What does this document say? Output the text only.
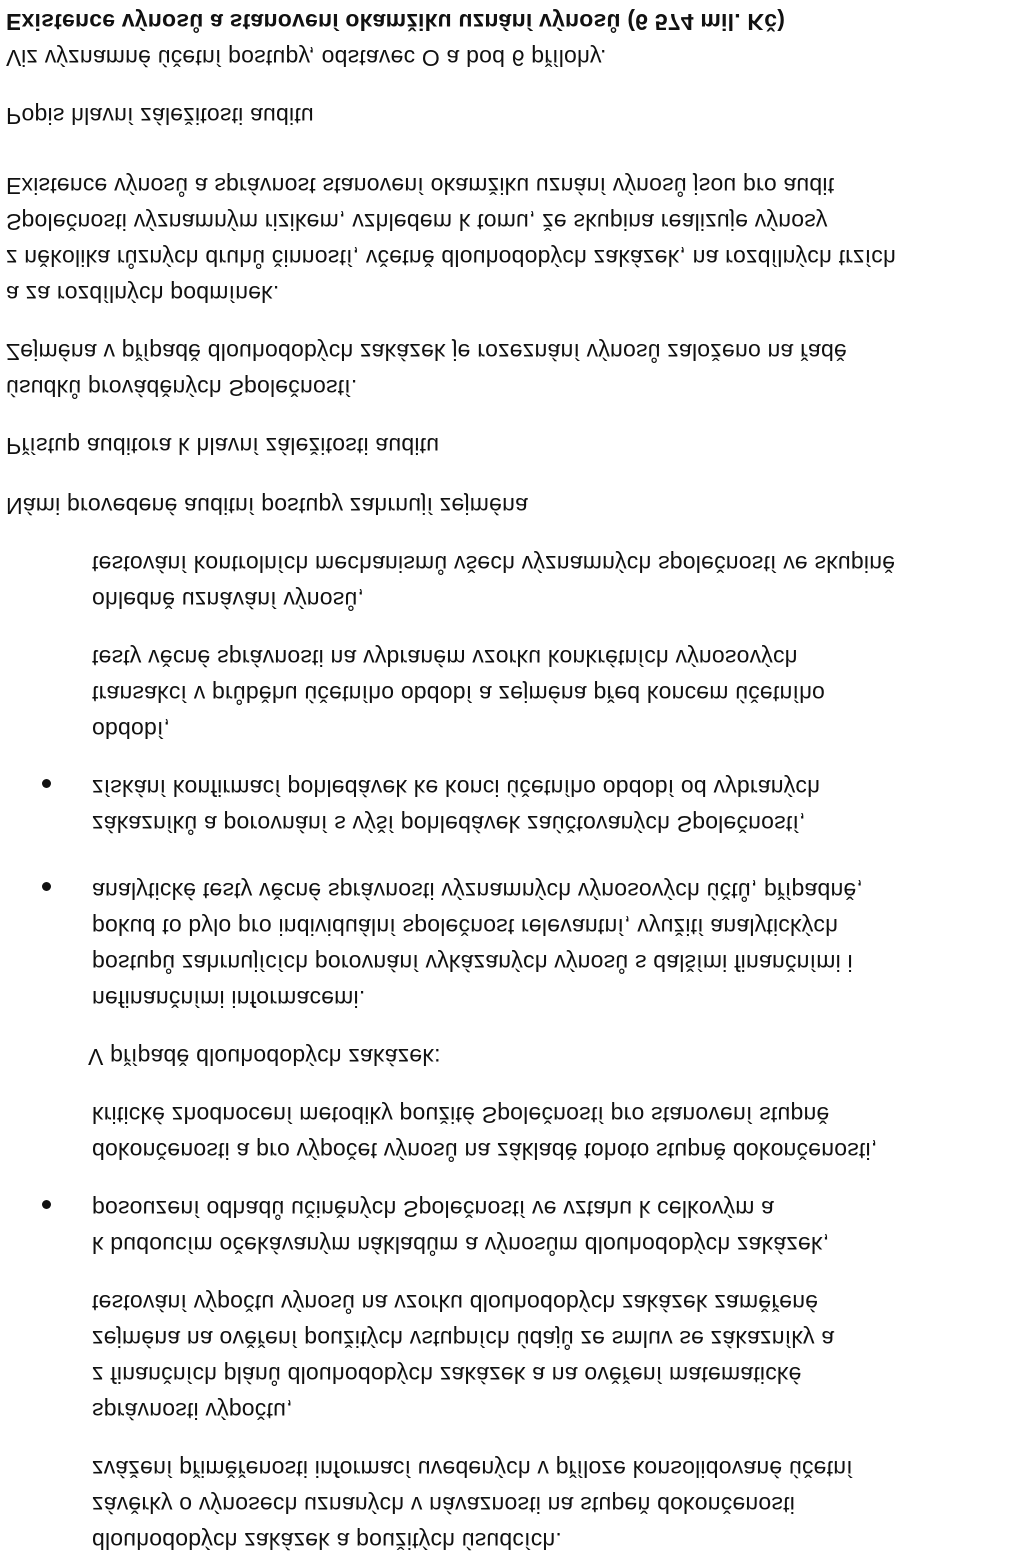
Existence výnosů a stanovení okamžiku uznání výnosů (6 574 mil. Kč)
Viz významné účetní postupy, odstavec O a bod 6 přílohy.
Popis hlavní záležitosti auditu
Existence výnosů a správnost stanovení okamžiku uznání výnosů jsou pro audit
Společnosti významným rizikem, vzhledem k tomu, že skupina realizuje výnosy
z několika různých druhů činností, včetně dlouhodobých zakázek, na rozdílných trzích
a za rozdílných podmínek.
Zejména v případě dlouhodobých zakázek je rozeznání výnosů založeno na řadě
úsudků prováděných Společností.
Přístup auditora k hlavní záležitosti auditu
Námi provedené auditní postupy zahrnují zejména
testování kontrolních mechanismů všech významných společností ve skupině
ohledně uznávání výnosů,
testy věcné správnosti na vybraném vzorku konkrétních výnosových
transakcí v průběhu účetního období a zejména před koncem účetního
období,
získání konfirmací pohledávek ke konci účetního období od vybraných
zákazníků a porovnání s výší pohledávek zaúčtovaných Společností,
analytické testy věcné správnosti významných výnosových účtů, případně,
pokud to bylo pro individuální společnost relevantní, využití analytických
postupů zahrnujících porovnání vykázaných výnosů s dalšími finančními i
nefinančními informacemi.
V případě dlouhodobých zakázek:
kritické zhodnocení metodiky použité Společností pro stanovení stupně
dokončenosti a pro výpočet výnosů na základě tohoto stupně dokončenosti,
posouzení odhadů učiněných Společností ve vztahu k celkovým a
k budoucím očekávaným nákladům a výnosům dlouhodobých zakázek,
testování výpočtu výnosů na vzorku dlouhodobých zakázek zaměřené
zejména na ověření použitých vstupních údajů ze smluv se zákazníky a
z finančních plánů dlouhodobých zakázek a na ověření matematické
správnosti výpočtu,
zvážení přiměřenosti informací uvedených v příloze konsolidované účetní
závěrky o výnosech uznaných v návaznosti na stupeň dokončenosti
dlouhodobých zakázek a použitých úsudcích.
